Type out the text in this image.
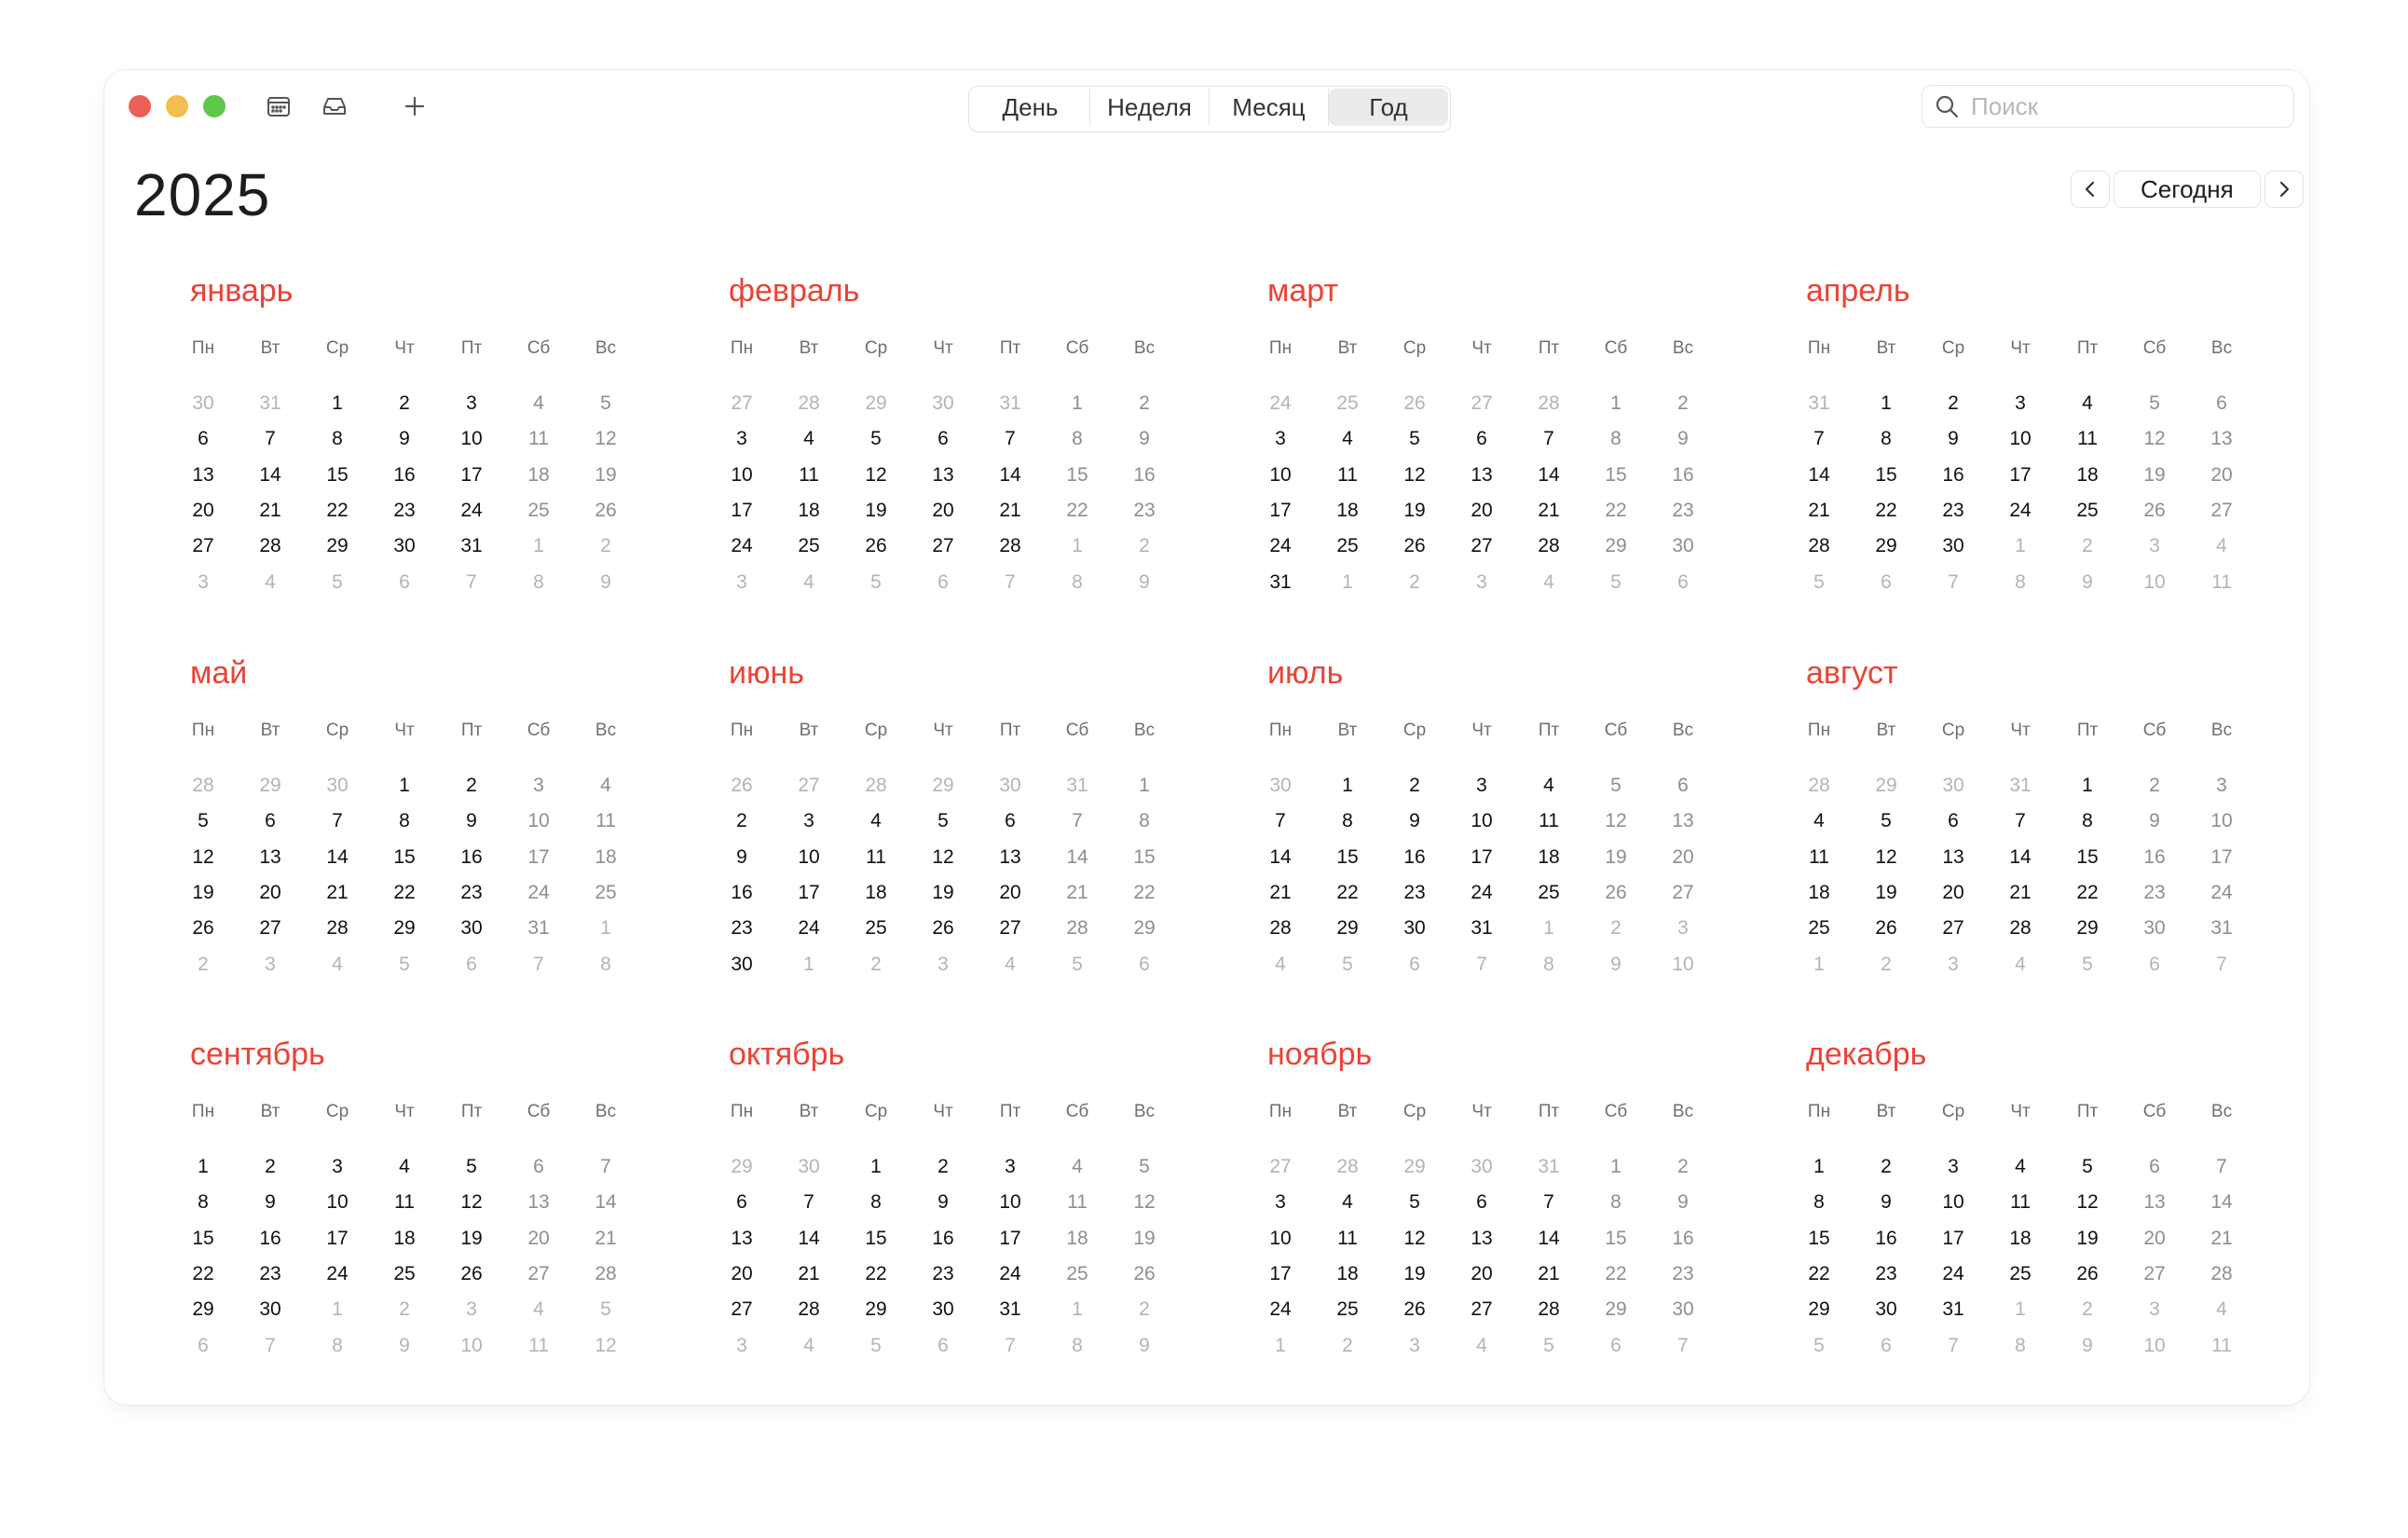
День	Неделя	Месяц	Год
Поиск
2025	Сегодня
январь
Пн	Вт	Ср	Чт	Пт	Сб	Вс
30	31	1	2	3	4	5
6	7	8	9	10	11	12
13	14	15	16	17	18	19
20	21	22	23	24	25	26
27	28	29	30	31	1	2
3	4	5	6	7	8	9
февраль
Пн	Вт	Ср	Чт	Пт	Сб	Вс
27	28	29	30	31	1	2
3	4	5	6	7	8	9
10	11	12	13	14	15	16
17	18	19	20	21	22	23
24	25	26	27	28	1	2
3	4	5	6	7	8	9
март
Пн	Вт	Ср	Чт	Пт	Сб	Вс
24	25	26	27	28	1	2
3	4	5	6	7	8	9
10	11	12	13	14	15	16
17	18	19	20	21	22	23
24	25	26	27	28	29	30
31	1	2	3	4	5	6
апрель
Пн	Вт	Ср	Чт	Пт	Сб	Вс
31	1	2	3	4	5	6
7	8	9	10	11	12	13
14	15	16	17	18	19	20
21	22	23	24	25	26	27
28	29	30	1	2	3	4
5	6	7	8	9	10	11
май
Пн	Вт	Ср	Чт	Пт	Сб	Вс
28	29	30	1	2	3	4
5	6	7	8	9	10	11
12	13	14	15	16	17	18
19	20	21	22	23	24	25
26	27	28	29	30	31	1
2	3	4	5	6	7	8
июнь
Пн	Вт	Ср	Чт	Пт	Сб	Вс
26	27	28	29	30	31	1
2	3	4	5	6	7	8
9	10	11	12	13	14	15
16	17	18	19	20	21	22
23	24	25	26	27	28	29
30	1	2	3	4	5	6
июль
Пн	Вт	Ср	Чт	Пт	Сб	Вс
30	1	2	3	4	5	6
7	8	9	10	11	12	13
14	15	16	17	18	19	20
21	22	23	24	25	26	27
28	29	30	31	1	2	3
4	5	6	7	8	9	10
август
Пн	Вт	Ср	Чт	Пт	Сб	Вс
28	29	30	31	1	2	3
4	5	6	7	8	9	10
11	12	13	14	15	16	17
18	19	20	21	22	23	24
25	26	27	28	29	30	31
1	2	3	4	5	6	7
сентябрь
Пн	Вт	Ср	Чт	Пт	Сб	Вс
1	2	3	4	5	6	7
8	9	10	11	12	13	14
15	16	17	18	19	20	21
22	23	24	25	26	27	28
29	30	1	2	3	4	5
6	7	8	9	10	11	12
октябрь
Пн	Вт	Ср	Чт	Пт	Сб	Вс
29	30	1	2	3	4	5
6	7	8	9	10	11	12
13	14	15	16	17	18	19
20	21	22	23	24	25	26
27	28	29	30	31	1	2
3	4	5	6	7	8	9
ноябрь
Пн	Вт	Ср	Чт	Пт	Сб	Вс
27	28	29	30	31	1	2
3	4	5	6	7	8	9
10	11	12	13	14	15	16
17	18	19	20	21	22	23
24	25	26	27	28	29	30
1	2	3	4	5	6	7
декабрь
Пн	Вт	Ср	Чт	Пт	Сб	Вс
1	2	3	4	5	6	7
8	9	10	11	12	13	14
15	16	17	18	19	20	21
22	23	24	25	26	27	28
29	30	31	1	2	3	4
5	6	7	8	9	10	11
